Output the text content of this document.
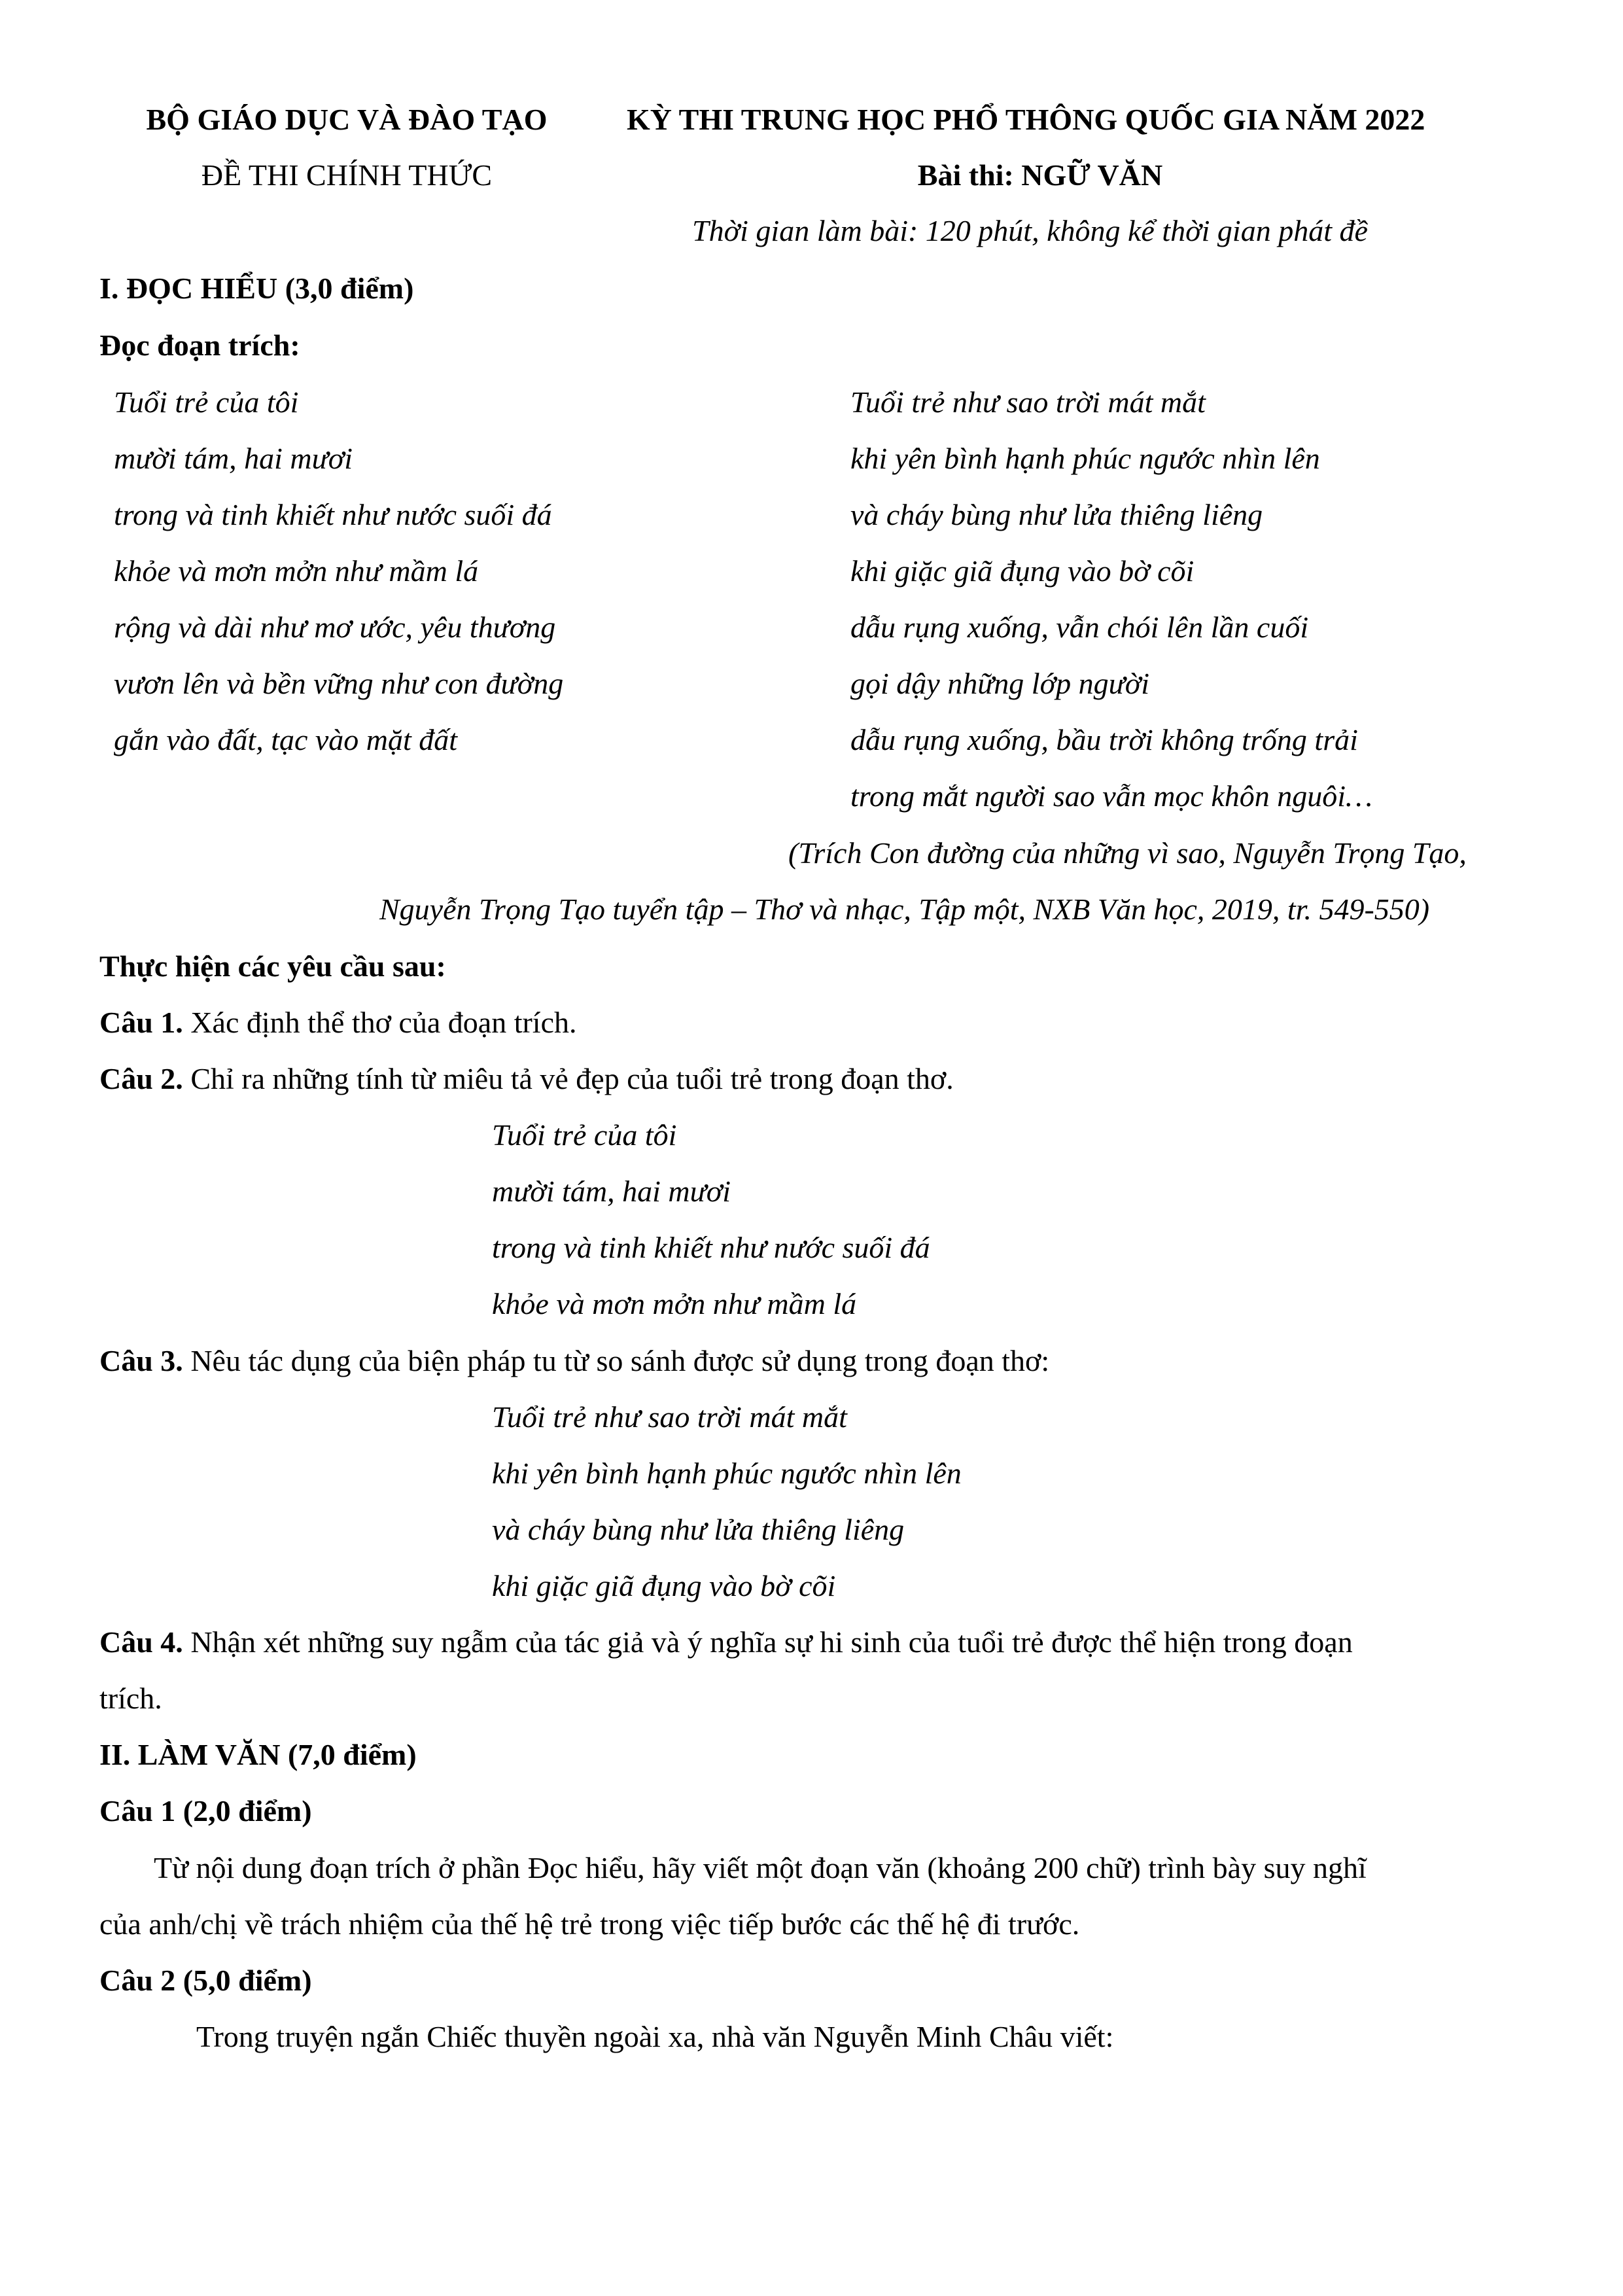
BỘ GIÁO DỤC VÀ ĐÀO TẠO
ĐỀ THI CHÍNH THỨC
KỲ THI TRUNG HỌC PHỔ THÔNG QUỐC GIA NĂM 2022
Bài thi: NGỮ VĂN
Thời gian làm bài: 120 phút, không kể thời gian phát đề
I. ĐỌC HIỂU (3,0 điểm)
Đọc đoạn trích:
Tuổi trẻ của tôi
mười tám, hai mươi
trong và tinh khiết như nước suối đá
khỏe và mơn mởn như mầm lá
rộng và dài như mơ ước, yêu thương
vươn lên và bền vững như con đường
gắn vào đất, tạc vào mặt đất
Tuổi trẻ như sao trời mát mắt
khi yên bình hạnh phúc ngước nhìn lên
và cháy bùng như lửa thiêng liêng
khi giặc giã đụng vào bờ cõi
dẫu rụng xuống, vẫn chói lên lần cuối
gọi dậy những lớp người
dẫu rụng xuống, bầu trời không trống trải
trong mắt người sao vẫn mọc khôn nguôi…
(Trích Con đường của những vì sao, Nguyễn Trọng Tạo,
Nguyễn Trọng Tạo tuyển tập – Thơ và nhạc, Tập một, NXB Văn học, 2019, tr. 549-550)
Thực hiện các yêu cầu sau:
Câu 1. Xác định thể thơ của đoạn trích.
Câu 2. Chỉ ra những tính từ miêu tả vẻ đẹp của tuổi trẻ trong đoạn thơ.
Tuổi trẻ của tôi
mười tám, hai mươi
trong và tinh khiết như nước suối đá
khỏe và mơn mởn như mầm lá
Câu 3. Nêu tác dụng của biện pháp tu từ so sánh được sử dụng trong đoạn thơ:
Tuổi trẻ như sao trời mát mắt
khi yên bình hạnh phúc ngước nhìn lên
và cháy bùng như lửa thiêng liêng
khi giặc giã đụng vào bờ cõi
Câu 4. Nhận xét những suy ngẫm của tác giả và ý nghĩa sự hi sinh của tuổi trẻ được thể hiện trong đoạn
trích.
II. LÀM VĂN (7,0 điểm)
Câu 1 (2,0 điểm)
Từ nội dung đoạn trích ở phần Đọc hiểu, hãy viết một đoạn văn (khoảng 200 chữ) trình bày suy nghĩ
của anh/chị về trách nhiệm của thế hệ trẻ trong việc tiếp bước các thế hệ đi trước.
Câu 2 (5,0 điểm)
Trong truyện ngắn Chiếc thuyền ngoài xa, nhà văn Nguyễn Minh Châu viết:
